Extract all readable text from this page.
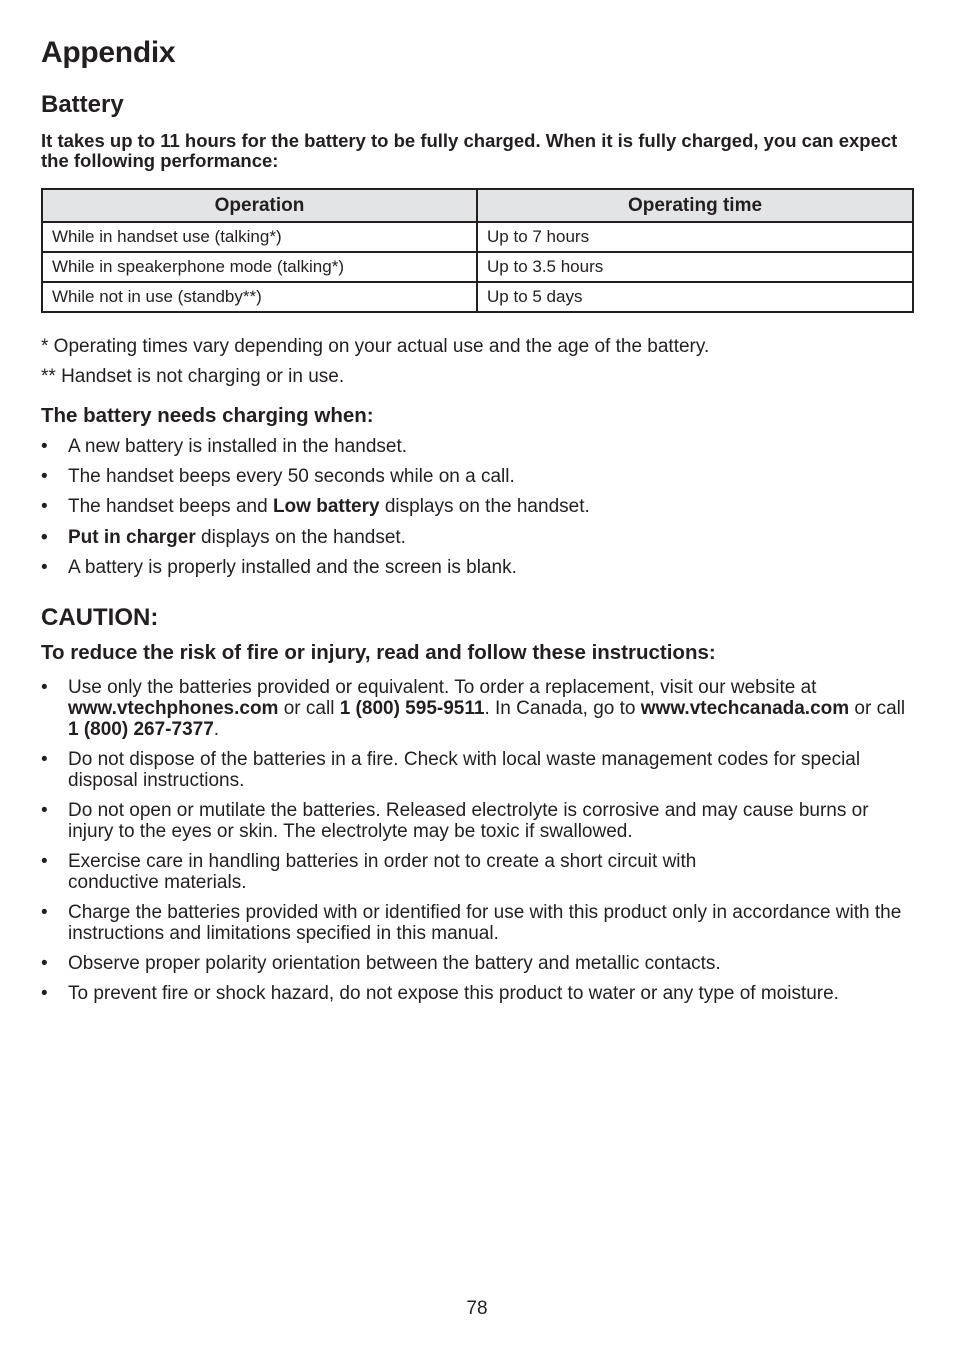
Appendix
Battery

It takes up to 11 hours for the battery to be fully charged. When it is fully charged, you can expect the following performance:

Operation	Operating time
While in handset use (talking*)	Up to 7 hours
While in speakerphone mode (talking*)	Up to 3.5 hours
While not in use (standby**)	Up to 5 days

* Operating times vary depending on your actual use and the age of the battery.

** Handset is not charging or in use.

The battery needs charging when:
• A new battery is installed in the handset.
• The handset beeps every 50 seconds while on a call.
• The handset beeps and Low battery displays on the handset.
• Put in charger displays on the handset.
• A battery is properly installed and the screen is blank.

CAUTION:

To reduce the risk of fire or injury, read and follow these instructions:

• Use only the batteries provided or equivalent. To order a replacement, visit our website at www.vtechphones.com or call 1 (800) 595-9511. In Canada, go to www.vtechcanada.com or call 1 (800) 267-7377.
• Do not dispose of the batteries in a fire. Check with local waste management codes for special disposal instructions.
• Do not open or mutilate the batteries. Released electrolyte is corrosive and may cause burns or injury to the eyes or skin. The electrolyte may be toxic if swallowed.
• Exercise care in handling batteries in order not to create a short circuit with
conductive materials.
• Charge the batteries provided with or identified for use with this product only in accordance with the instructions and limitations specified in this manual.
• Observe proper polarity orientation between the battery and metallic contacts.
• To prevent fire or shock hazard, do not expose this product to water or any type of moisture.
78
